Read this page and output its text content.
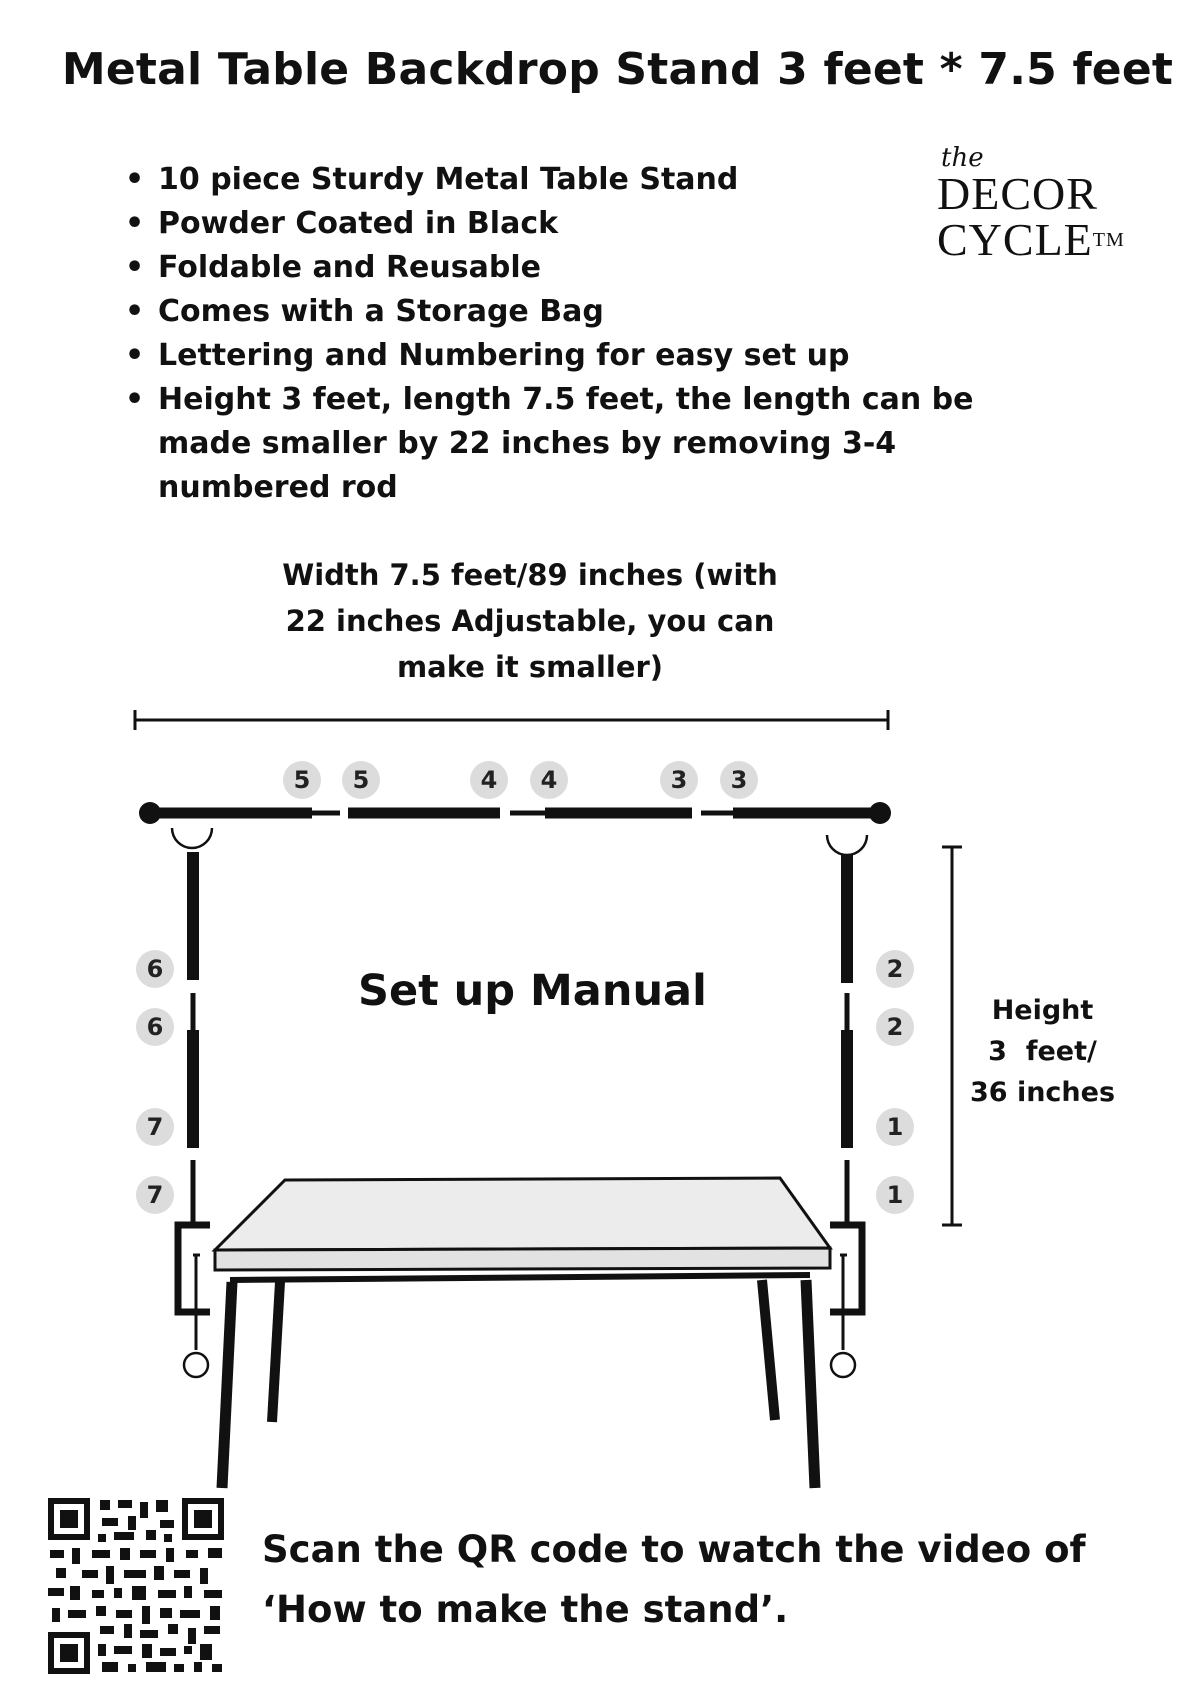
Metal Table Backdrop Stand 3 feet * 7.5 feet
• 10 piece Sturdy Metal Table Stand
• Powder Coated in Black
• Foldable and Reusable
• Comes with a Storage Bag
• Lettering and Numbering for easy set up
• Height 3 feet, length 7.5 feet, the length can be made smaller by 22 inches by removing 3-4 numbered rod
the
DECOR
CYCLE™
Width 7.5 feet/89 inches (with 22 inches Adjustable, you can make it smaller)
Set up Manual	Height
3  feet/
36 inches
5	5	4	4	3	3
6
6
7
7
2
2
1
1
Scan the QR code to watch the video of ‘How to make the stand’.
